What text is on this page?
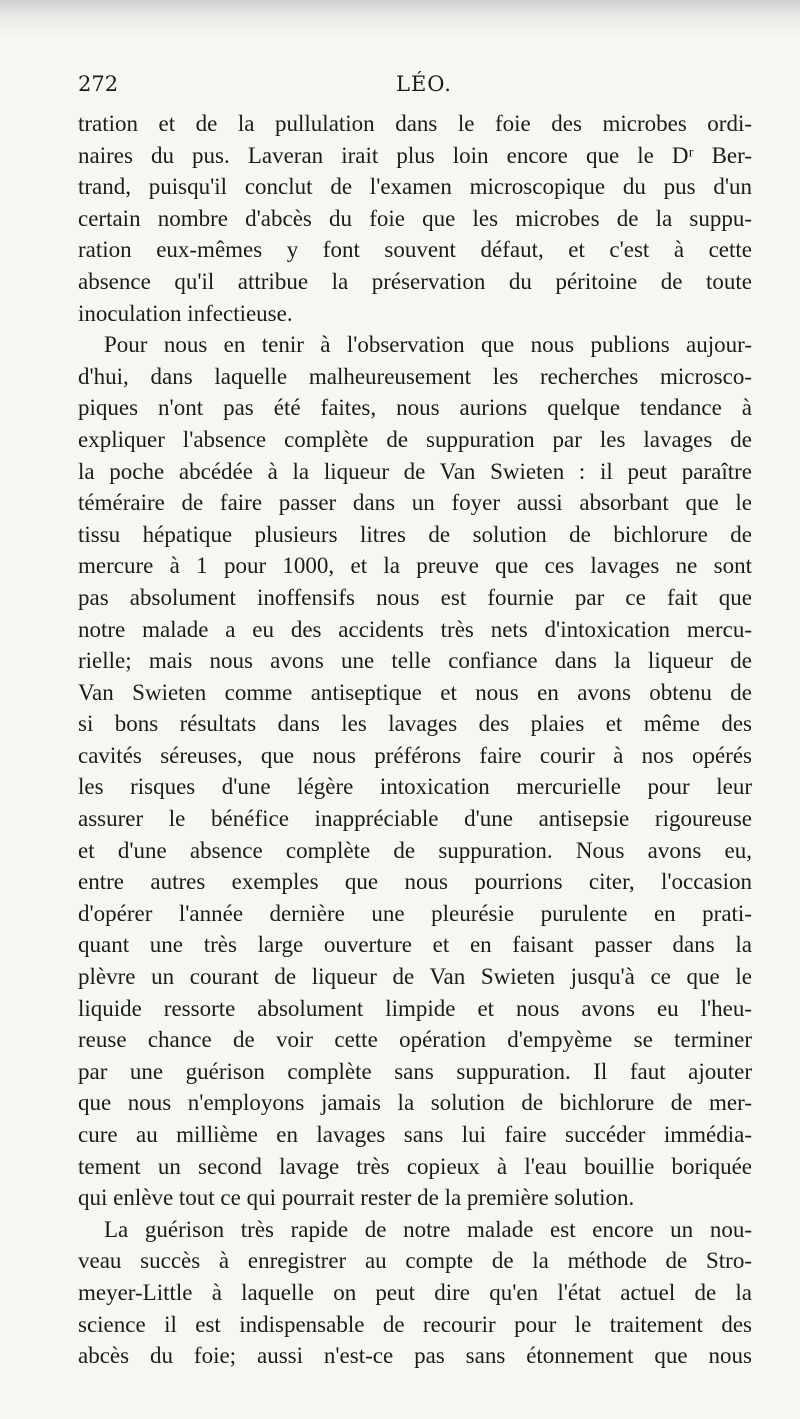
272	LÉO.
tration et de la pullulation dans le foie des microbes ordi-
naires du pus. Laveran irait plus loin encore que le Dʳ Ber-
trand, puisqu'il conclut de l'examen microscopique du pus d'un
certain nombre d'abcès du foie que les microbes de la suppu-
ration eux-mêmes y font souvent défaut, et c'est à cette
absence qu'il attribue la préservation du péritoine de toute
inoculation infectieuse.
Pour nous en tenir à l'observation que nous publions aujour-
d'hui, dans laquelle malheureusement les recherches microsco-
piques n'ont pas été faites, nous aurions quelque tendance à
expliquer l'absence complète de suppuration par les lavages de
la poche abcédée à la liqueur de Van Swieten : il peut paraître
téméraire de faire passer dans un foyer aussi absorbant que le
tissu hépatique plusieurs litres de solution de bichlorure de
mercure à 1 pour 1000, et la preuve que ces lavages ne sont
pas absolument inoffensifs nous est fournie par ce fait que
notre malade a eu des accidents très nets d'intoxication mercu-
rielle; mais nous avons une telle confiance dans la liqueur de
Van Swieten comme antiseptique et nous en avons obtenu de
si bons résultats dans les lavages des plaies et même des
cavités séreuses, que nous préférons faire courir à nos opérés
les risques d'une légère intoxication mercurielle pour leur
assurer le bénéfice inappréciable d'une antisepsie rigoureuse
et d'une absence complète de suppuration. Nous avons eu,
entre autres exemples que nous pourrions citer, l'occasion
d'opérer l'année dernière une pleurésie purulente en prati-
quant une très large ouverture et en faisant passer dans la
plèvre un courant de liqueur de Van Swieten jusqu'à ce que le
liquide ressorte absolument limpide et nous avons eu l'heu-
reuse chance de voir cette opération d'empyème se terminer
par une guérison complète sans suppuration. Il faut ajouter
que nous n'employons jamais la solution de bichlorure de mer-
cure au millième en lavages sans lui faire succéder immédia-
tement un second lavage très copieux à l'eau bouillie boriquée
qui enlève tout ce qui pourrait rester de la première solution.
La guérison très rapide de notre malade est encore un nou-
veau succès à enregistrer au compte de la méthode de Stro-
meyer-Little à laquelle on peut dire qu'en l'état actuel de la
science il est indispensable de recourir pour le traitement des
abcès du foie; aussi n'est-ce pas sans étonnement que nous
